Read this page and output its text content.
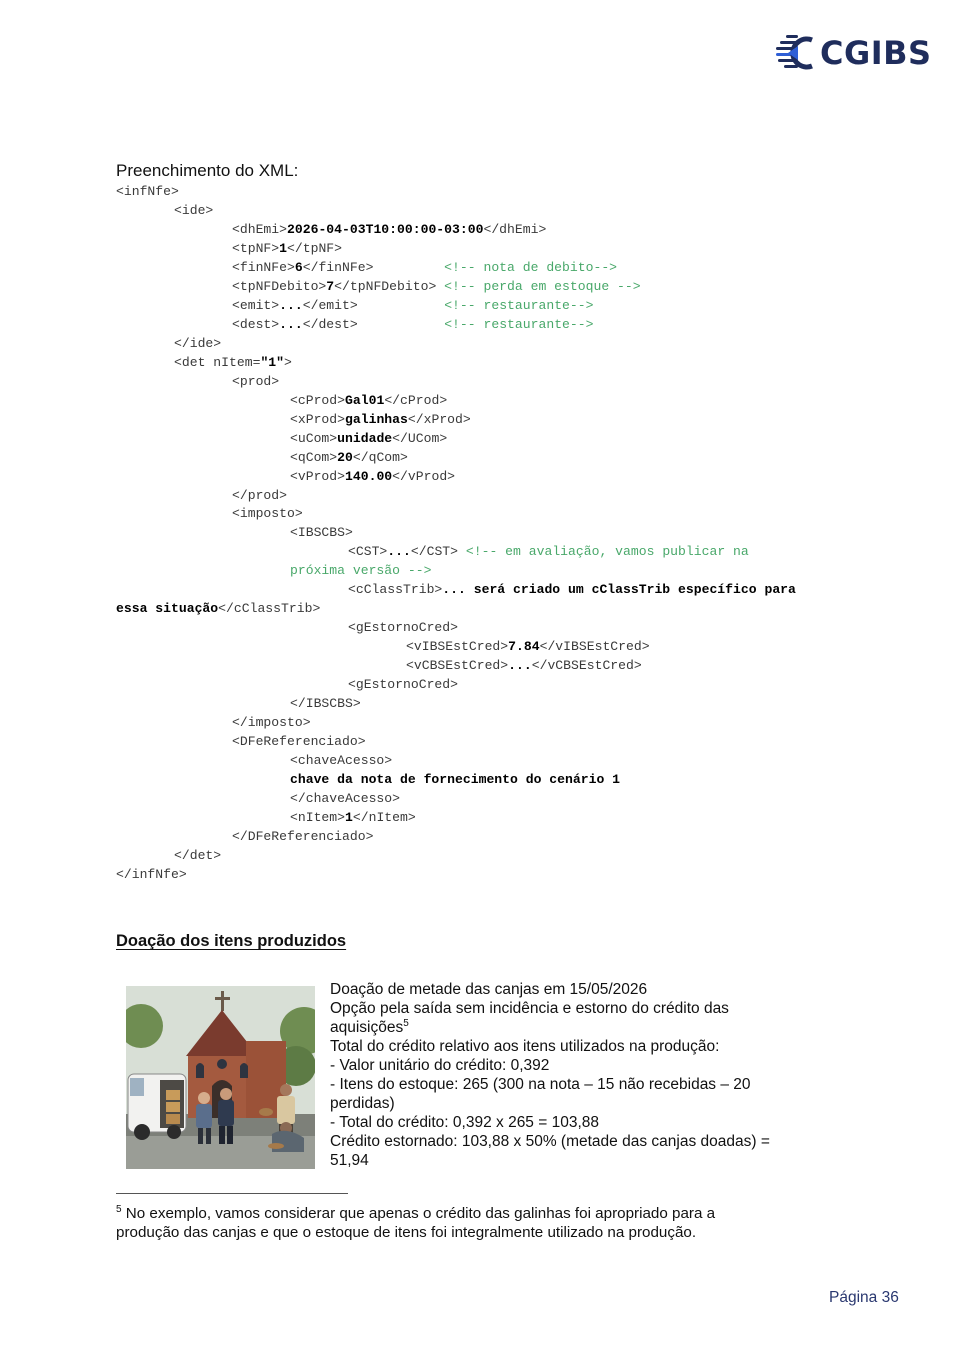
CGIBS
Preenchimento do XML:
<infNfe>
<ide>
<dhEmi>2026-04-03T10:00:00-03:00</dhEmi>
<tpNF>1</tpNF>
<finNFe>6</finNFe>	<!-- nota de debito-->
<tpNFDebito>7</tpNFDebito> <!-- perda em estoque -->
<emit>...</emit>	<!-- restaurante-->
<dest>...</dest>	<!-- restaurante-->
</ide>
<det nItem="1">
<prod>
<cProd>Gal01</cProd>
<xProd>galinhas</xProd>
<uCom>unidade</UCom>
<qCom>20</qCom>
<vProd>140.00</vProd>
</prod>
<imposto>
<IBSCBS>
<CST>...</CST> <!-- em avaliação, vamos publicar na
próxima versão -->
<cClassTrib>... será criado um cClassTrib específico para
essa situação</cClassTrib>
<gEstornoCred>
<vIBSEstCred>7.84</vIBSEstCred>
<vCBSEstCred>...</vCBSEstCred>
<gEstornoCred>
</IBSCBS>
</imposto>
<DFeReferenciado>
<chaveAcesso>
chave da nota de fornecimento do cenário 1
</chaveAcesso>
<nItem>1</nItem>
</DFeReferenciado>
</det>
</infNfe>
Doação dos itens produzidos
Doação de metade das canjas em 15/05/2026
Opção pela saída sem incidência e estorno do crédito das
aquisições$^5$
Total do crédito relativo aos itens utilizados na produção:
- Valor unitário do crédito: 0,392
- Itens do estoque: 265 (300 na nota – 15 não recebidas – 20
perdidas)
- Total do crédito: 0,392 x 265 = 103,88
Crédito estornado: 103,88 x 50% (metade das canjas doadas) =
51,94
$^5$ No exemplo, vamos considerar que apenas o crédito das galinhas foi apropriado para a
produção das canjas e que o estoque de itens foi integralmente utilizado na produção.
Página 36
